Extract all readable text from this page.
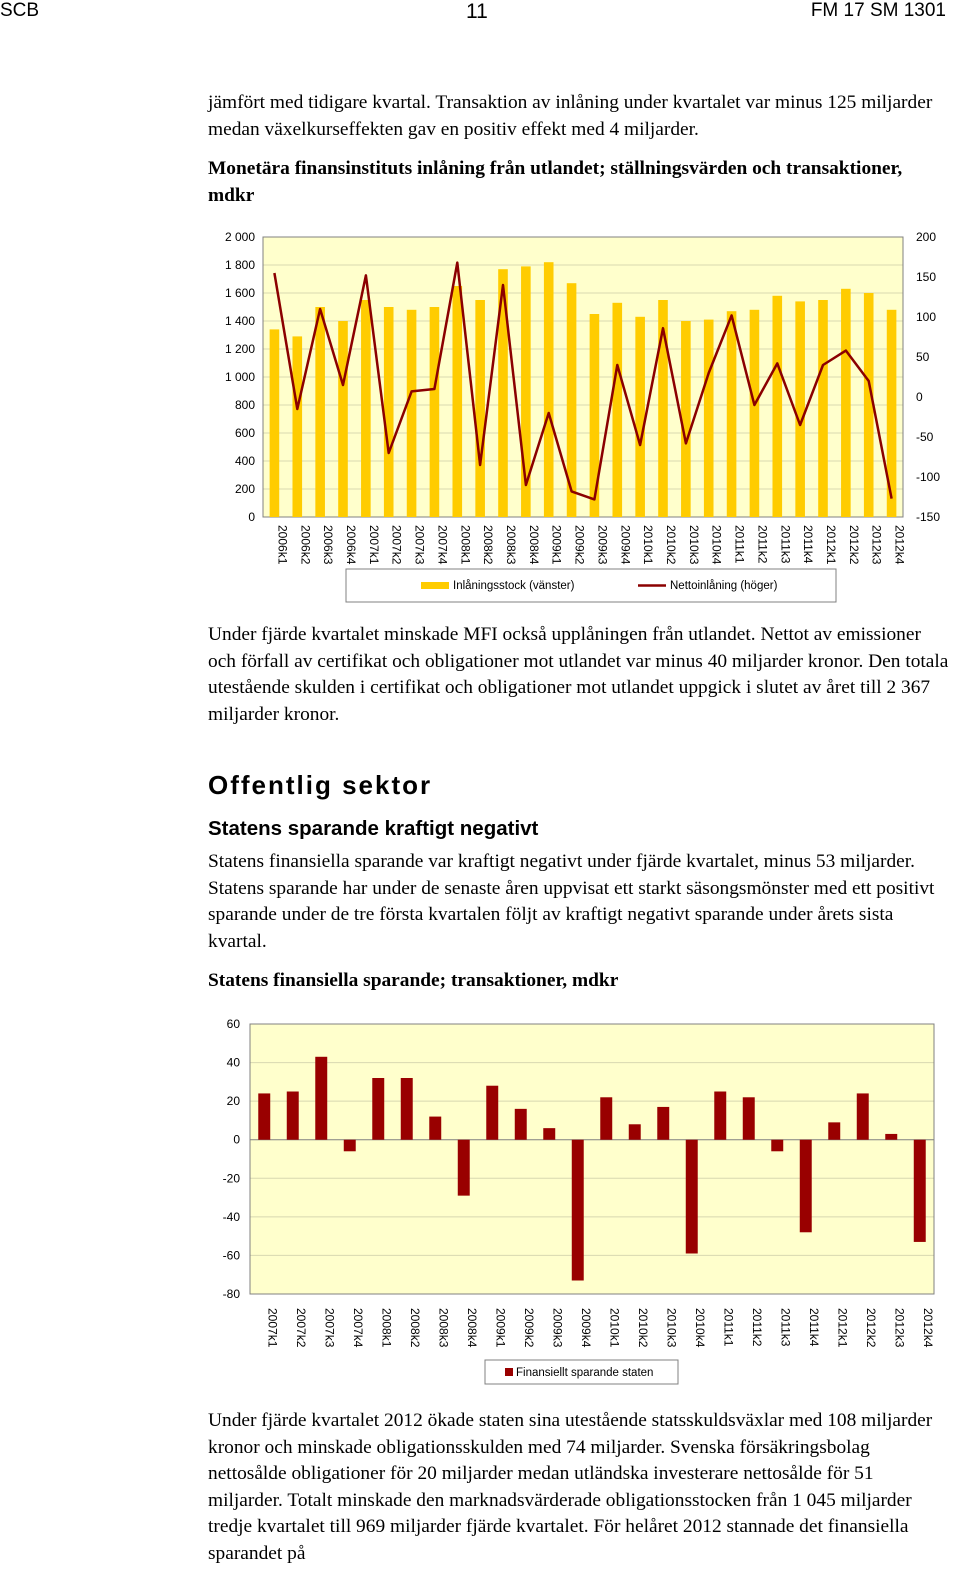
SCB	11	FM 17 SM 1301

jämfört med tidigare kvartal. Transaktion av inlåning under kvartalet var minus 125 miljarder medan växelkurseffekten gav en positiv effekt med 4 miljarder.

Monetära finansinstituts inlåning från utlandet; ställningsvärden och transaktioner, mdkr

0
200
400
600
800
1 000
1 200
1 400
1 600
1 800
2 000
-150
-100
-50
0
50
100
150
200
2006k1 2006k2 2006k3 2006k4 2007k1 2007k2 2007k3 2007k4 2008k1 2008k2 2008k3 2008k4 2009k1 2009k2 2009k3 2009k4 2010k1 2010k2 2010k3 2010k4 2011k1 2011k2 2011k3 2011k4 2012k1 2012k2 2012k3 2012k4
Inlåningsstock (vänster)	Nettoinlåning (höger)

Under fjärde kvartalet minskade MFI också upplåningen från utlandet. Nettot av emissioner och förfall av certifikat och obligationer mot utlandet var minus 40 miljarder kronor. Den totala utestående skulden i certifikat och obligationer mot utlandet uppgick i slutet av året till 2 367 miljarder kronor.

Offentlig sektor
Statens sparande kraftigt negativt

Statens finansiella sparande var kraftigt negativt under fjärde kvartalet, minus 53 miljarder. Statens sparande har under de senaste åren uppvisat ett starkt säsongsmönster med ett positivt sparande under de tre första kvartalen följt av kraftigt negativt sparande under årets sista kvartal.

Statens finansiella sparande; transaktioner, mdkr

-80
-60
-40
-20
0
20
40
60
2007k1 2007k2 2007k3 2007k4 2008k1 2008k2 2008k3 2008k4 2009k1 2009k2 2009k3 2009k4 2010k1 2010k2 2010k3 2010k4 2011k1 2011k2 2011k3 2011k4 2012k1 2012k2 2012k3 2012k4
Finansiellt sparande staten

Under fjärde kvartalet 2012 ökade staten sina utestående statsskuldsväxlar med 108 miljarder kronor och minskade obligationsskulden med 74 miljarder. Svenska försäkringsbolag nettosålde obligationer för 20 miljarder medan utländska investerare nettosålde för 51 miljarder. Totalt minskade den marknadsvärderade obligationsstocken från 1 045 miljarder tredje kvartalet till 969 miljarder fjärde kvartalet. För helåret 2012 stannade det finansiella sparandet på
